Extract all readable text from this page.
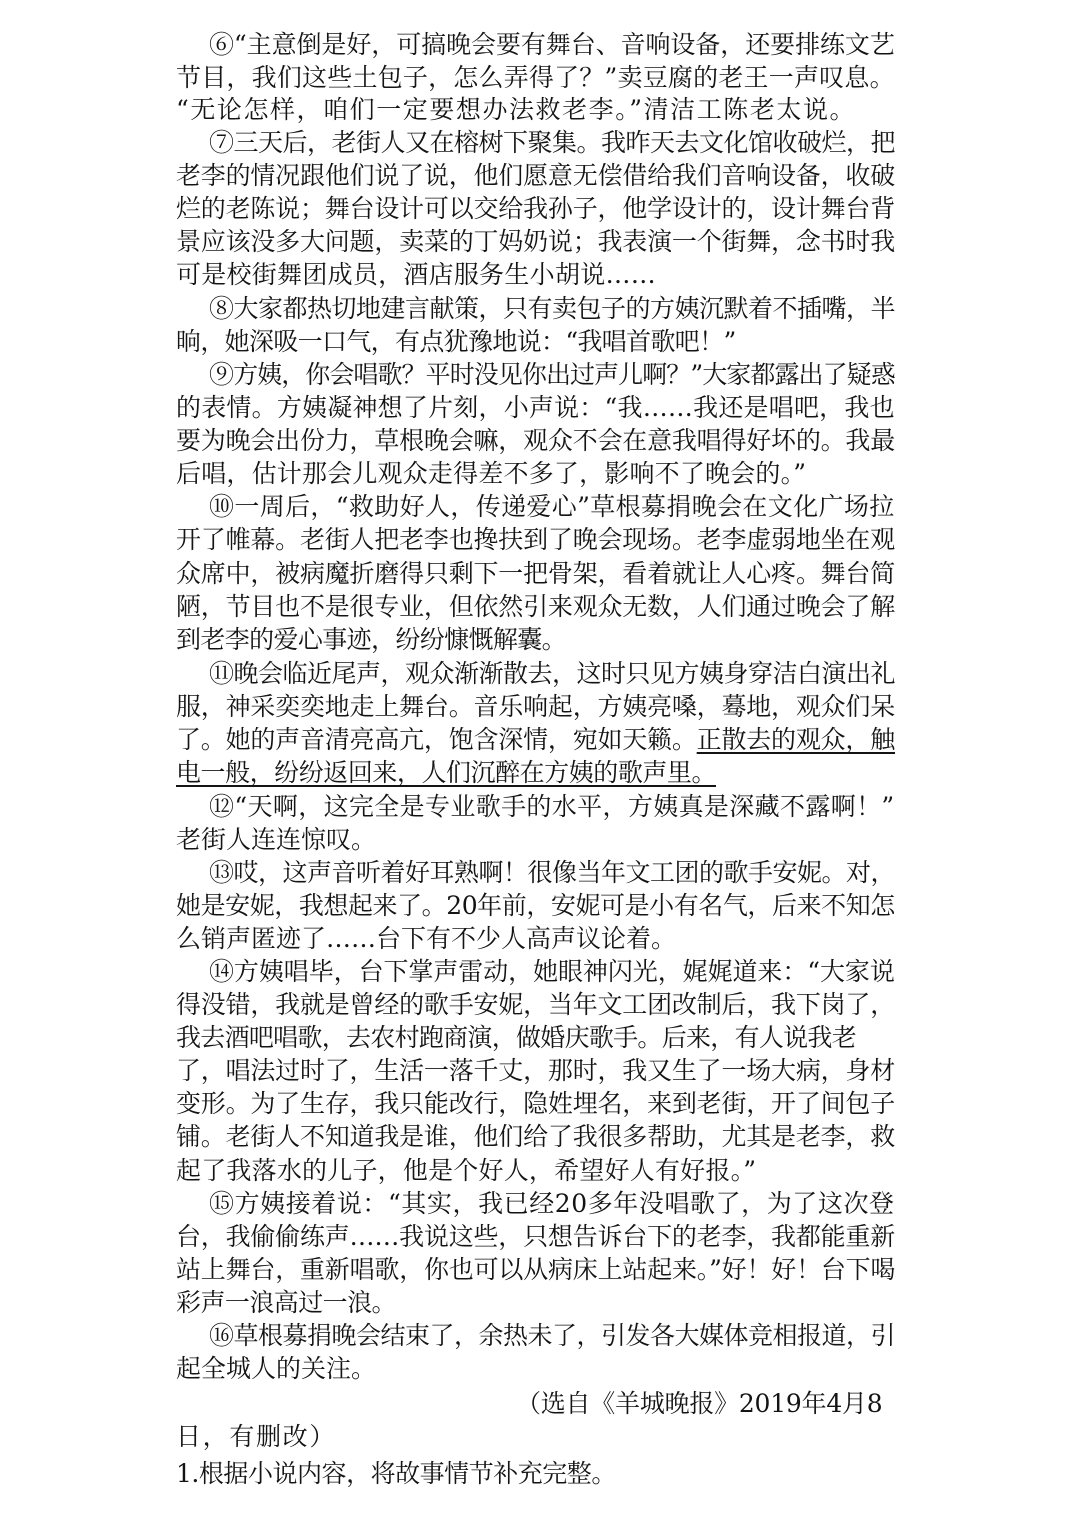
⑥“主意倒是好，可搞晚会要有舞台、音响设备，还要排练文艺
节目，我们这些土包子，怎么弄得了？”卖豆腐的老王一声叹息。
“无论怎样，咱们一定要想办法救老李。”清洁工陈老太说。
⑦三天后，老街人又在榕树下聚集。我昨天去文化馆收破烂，把
老李的情况跟他们说了说，他们愿意无偿借给我们音响设备，收破
烂的老陈说；舞台设计可以交给我孙子，他学设计的，设计舞台背
景应该没多大问题，卖菜的丁妈奶说；我表演一个街舞，念书时我
可是校街舞团成员，酒店服务生小胡说……
⑧大家都热切地建言献策，只有卖包子的方姨沉默着不插嘴，半
晌，她深吸一口气，有点犹豫地说：“我唱首歌吧！”
⑨方姨，你会唱歌？平时没见你出过声儿啊？”大家都露出了疑惑
的表情。方姨凝神想了片刻，小声说：“我……我还是唱吧，我也
要为晚会出份力，草根晚会嘛，观众不会在意我唱得好坏的。我最
后唱，估计那会儿观众走得差不多了，影响不了晚会的。”
⑩一周后，“救助好人，传递爱心”草根募捐晚会在文化广场拉
开了帷幕。老街人把老李也搀扶到了晚会现场。老李虚弱地坐在观
众席中，被病魔折磨得只剩下一把骨架，看着就让人心疼。舞台简
陋，节目也不是很专业，但依然引来观众无数，人们通过晚会了解
到老李的爱心事迹，纷纷慷慨解囊。
⑪晚会临近尾声，观众渐渐散去，这时只见方姨身穿洁白演出礼
服，神采奕奕地走上舞台。音乐响起，方姨亮嗓，蓦地，观众们呆
了。她的声音清亮高亢，饱含深情，宛如天籁。正散去的观众，触
电一般，纷纷返回来，人们沉醉在方姨的歌声里。
⑫“天啊，这完全是专业歌手的水平，方姨真是深藏不露啊！”
老街人连连惊叹。
⑬哎，这声音听着好耳熟啊！很像当年文工团的歌手安妮。对，
她是安妮，我想起来了。20年前，安妮可是小有名气，后来不知怎
么销声匿迹了……台下有不少人高声议论着。
⑭方姨唱毕，台下掌声雷动，她眼神闪光，娓娓道来：“大家说
得没错，我就是曾经的歌手安妮，当年文工团改制后，我下岗了，
我去酒吧唱歌，去农村跑商演，做婚庆歌手。后来，有人说我老
了，唱法过时了，生活一落千丈，那时，我又生了一场大病，身材
变形。为了生存，我只能改行，隐姓埋名，来到老街，开了间包子
铺。老街人不知道我是谁，他们给了我很多帮助，尤其是老李，救
起了我落水的儿子，他是个好人，希望好人有好报。”
⑮方姨接着说：“其实，我已经20多年没唱歌了，为了这次登
台，我偷偷练声……我说这些，只想告诉台下的老李，我都能重新
站上舞台，重新唱歌，你也可以从病床上站起来。”好！好！台下喝
彩声一浪高过一浪。
⑯草根募捐晚会结束了，余热未了，引发各大媒体竞相报道，引
起全城人的关注。
（选自《羊城晚报》2019年4月8
日，有删改）
1.根据小说内容，将故事情节补充完整。
